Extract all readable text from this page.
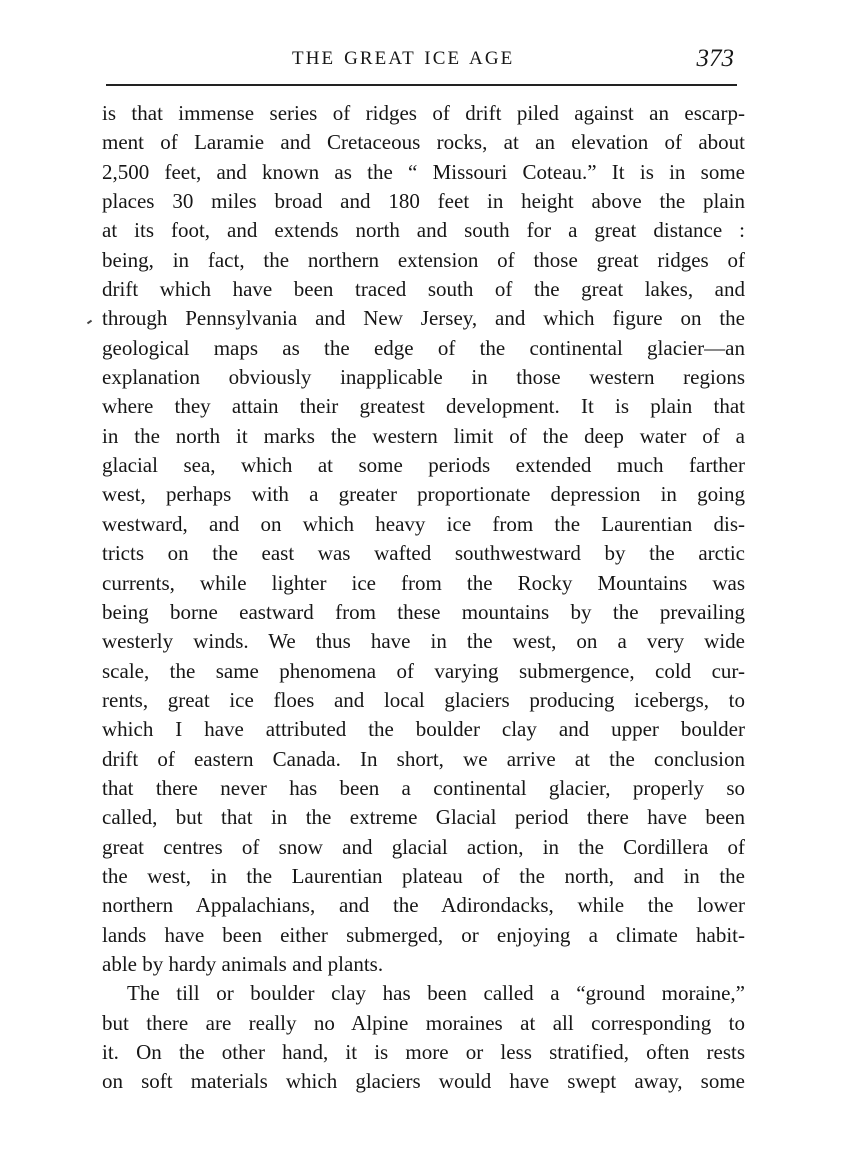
THE GREAT ICE AGE	373
is that immense series of ridges of drift piled against an escarp-
ment of Laramie and Cretaceous rocks, at an elevation of about
2,500 feet, and known as the “ Missouri Coteau.” It is in some
places 30 miles broad and 180 feet in height above the plain
at its foot, and extends north and south for a great distance :
being, in fact, the northern extension of those great ridges of
drift which have been traced south of the great lakes, and
through Pennsylvania and New Jersey, and which figure on the
geological maps as the edge of the continental glacier—an
explanation obviously inapplicable in those western regions
where they attain their greatest development. It is plain that
in the north it marks the western limit of the deep water of a
glacial sea, which at some periods extended much farther
west, perhaps with a greater proportionate depression in going
westward, and on which heavy ice from the Laurentian dis-
tricts on the east was wafted southwestward by the arctic
currents, while lighter ice from the Rocky Mountains was
being borne eastward from these mountains by the prevailing
westerly winds. We thus have in the west, on a very wide
scale, the same phenomena of varying submergence, cold cur-
rents, great ice floes and local glaciers producing icebergs, to
which I have attributed the boulder clay and upper boulder
drift of eastern Canada. In short, we arrive at the conclusion
that there never has been a continental glacier, properly so
called, but that in the extreme Glacial period there have been
great centres of snow and glacial action, in the Cordillera of
the west, in the Laurentian plateau of the north, and in the
northern Appalachians, and the Adirondacks, while the lower
lands have been either submerged, or enjoying a climate habit-
able by hardy animals and plants.
The till or boulder clay has been called a “ground moraine,”
but there are really no Alpine moraines at all corresponding to
it. On the other hand, it is more or less stratified, often rests
on soft materials which glaciers would have swept away, some
